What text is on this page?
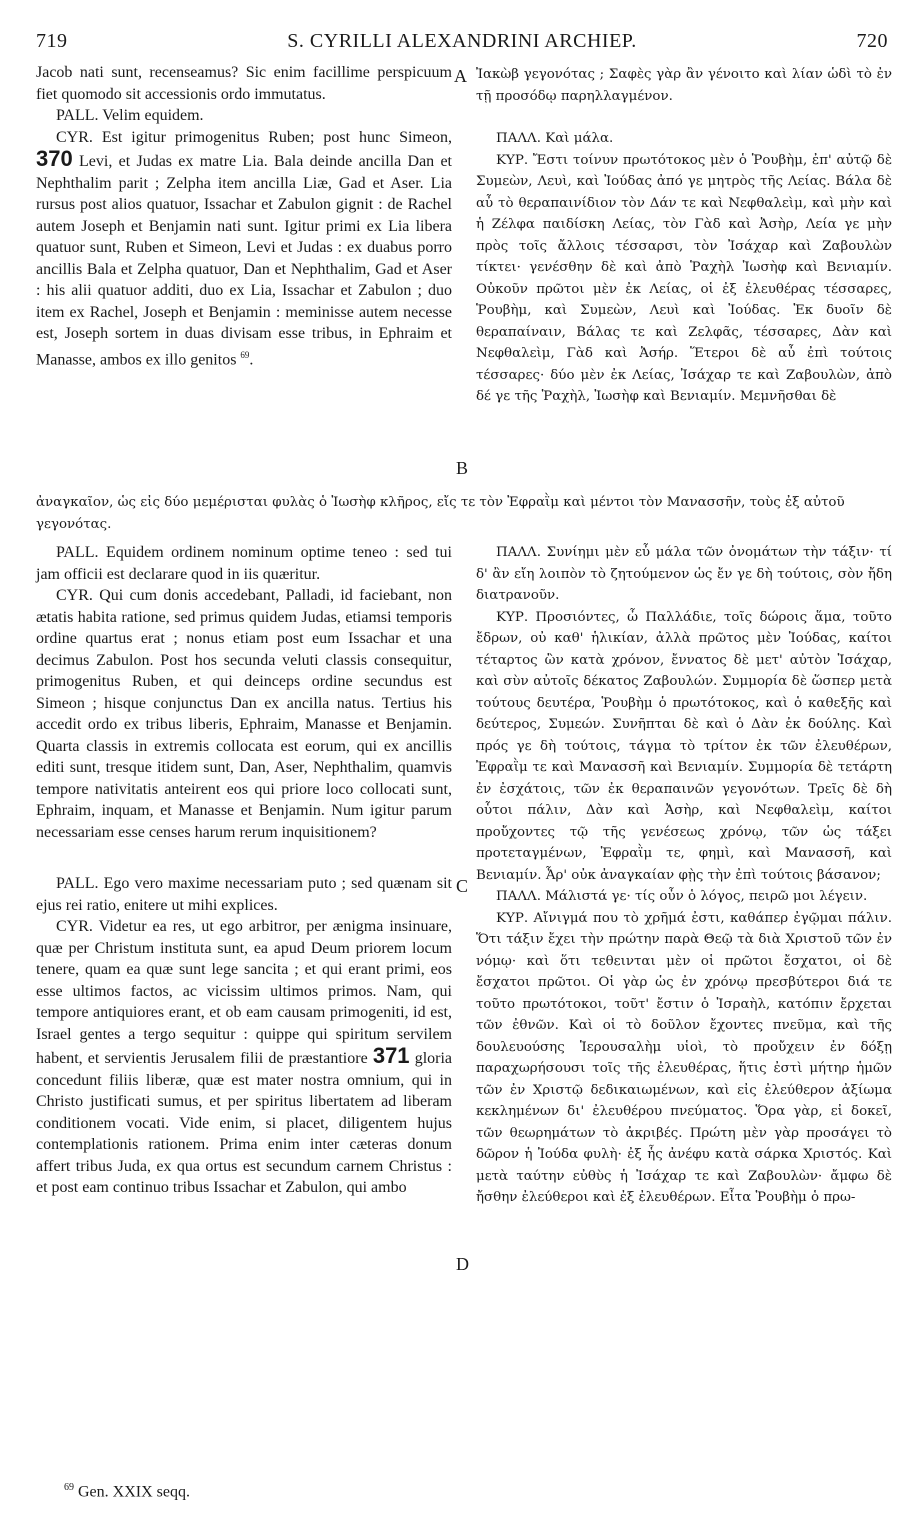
719	S. CYRILLI ALEXANDRINI ARCHIEP.	720

Jacob nati sunt, recenseamus? Sic enim facillime perspicuum fiet quomodo sit accessionis ordo immutatus.

PALL. Velim equidem.

CYR. Est igitur primogenitus Ruben; post hunc Simeon, 370 Levi, et Judas ex matre Lia. Bala deinde ancilla Dan et Nephthalim parit ; Zelpha item ancilla Liæ, Gad et Aser. Lia rursus post alios quatuor, Issachar et Zabulon gignit : de Rachel autem Joseph et Benjamin nati sunt. Igitur primi ex Lia libera quatuor sunt, Ruben et Simeon, Levi et Judas : ex duabus porro ancillis Bala et Zelpha quatuor, Dan et Nephthalim, Gad et Aser : his alii quatuor additi, duo ex Lia, Issachar et Zabulon ; duo item ex Rachel, Joseph et Benjamin : meminisse autem necesse est, Joseph sortem in duas divisam esse tribus, in Ephraim et Manasse, ambos ex illo genitos $^{69}$.

Ἰακὼβ γεγονότας ; Σαφὲς γὰρ ἂν γένοιτο καὶ λίαν ὡδὶ τὸ ἐν τῇ προσόδῳ παρηλλαγμένον.

ΠΑΛΛ. Καὶ μάλα.

ΚΥΡ. Ἔστι τοίνυν πρωτότοκος μὲν ὁ Ῥουβὴμ, ἐπ' αὐτῷ δὲ Συμεὼν, Λευὶ, καὶ Ἰούδας ἀπό γε μητρὸς τῆς Λείας. Βάλα δὲ αὖ τὸ θεραπαινίδιον τὸν Δάν τε καὶ Νεφθαλεὶμ, καὶ μὴν καὶ ἡ Ζέλφα παιδίσκη Λείας, τὸν Γὰδ καὶ Ἀσὴρ, Λεία γε μὴν πρὸς τοῖς ἄλλοις τέσσαρσι, τὸν Ἰσάχαρ καὶ Ζαβουλὼν τίκτει· γενέσθην δὲ καὶ ἀπὸ Ῥαχὴλ Ἰωσὴφ καὶ Βενιαμίν. Οὐκοῦν πρῶτοι μὲν ἐκ Λείας, οἱ ἐξ ἐλευθέρας τέσσαρες, Ῥουβὴμ, καὶ Συμεὼν, Λευὶ καὶ Ἰούδας. Ἐκ δυοῖν δὲ θεραπαίναιν, Βάλας τε καὶ Ζελφᾶς, τέσσαρες, Δὰν καὶ Νεφθαλεὶμ, Γὰδ καὶ Ἀσήρ. Ἕτεροι δὲ αὖ ἐπὶ τούτοις τέσσαρες· δύο μὲν ἐκ Λείας, Ἰσάχαρ τε καὶ Ζαβουλὼν, ἀπὸ δέ γε τῆς Ῥαχὴλ, Ἰωσὴφ καὶ Βενιαμίν. Μεμνῆσθαι δὲ

ἀναγκαῖον, ὡς εἰς δύο μεμέρισται φυλὰς ὁ Ἰωσὴφ κλῆρος, εἴς τε τὸν Ἐφραῒμ καὶ μέντοι τὸν Μανασσῆν, τοὺς ἐξ αὐτοῦ γεγονότας.

PALL. Equidem ordinem nominum optime teneo : sed tui jam officii est declarare quod in iis quæritur.

CYR. Qui cum donis accedebant, Palladi, id faciebant, non ætatis habita ratione, sed primus quidem Judas, etiamsi temporis ordine quartus erat ; nonus etiam post eum Issachar et una decimus Zabulon. Post hos secunda veluti classis consequitur, primogenitus Ruben, et qui deinceps ordine secundus est Simeon ; hisque conjunctus Dan ex ancilla natus. Tertius his accedit ordo ex tribus liberis, Ephraim, Manasse et Benjamin. Quarta classis in extremis collocata est eorum, qui ex ancillis editi sunt, tresque itidem sunt, Dan, Aser, Nephthalim, quamvis tempore nativitatis anteirent eos qui priore loco collocati sunt, Ephraim, inquam, et Manasse et Benjamin. Num igitur parum necessariam esse censes harum rerum inquisitionem?

PALL. Ego vero maxime necessariam puto ; sed quænam sit ejus rei ratio, enitere ut mihi explices.

CYR. Videtur ea res, ut ego arbitror, per ænigma insinuare, quæ per Christum instituta sunt, ea apud Deum priorem locum tenere, quam ea quæ sunt lege sancita ; et qui erant primi, eos esse ultimos factos, ac vicissim ultimos primos. Nam, qui tempore antiquiores erant, et ob eam causam primogeniti, id est, Israel gentes a tergo sequitur : quippe qui spiritum servilem habent, et servientis Jerusalem filii de præstantiore 371 gloria concedunt filiis liberæ, quæ est mater nostra omnium, qui in Christo justificati sumus, et per spiritus libertatem ad liberam conditionem vocati. Vide enim, si placet, diligentem hujus contemplationis rationem. Prima enim inter cæteras donum affert tribus Juda, ex qua ortus est secundum carnem Christus : et post eam continuo tribus Issachar et Zabulon, qui ambo

ΠΑΛΛ. Συνίημι μὲν εὖ μάλα τῶν ὀνομάτων τὴν τάξιν· τί δ' ἂν εἴη λοιπὸν τὸ ζητούμενον ὡς ἔν γε δὴ τούτοις, σὸν ἤδη διατρανοῦν.

ΚΥΡ. Προσιόντες, ὦ Παλλάδιε, τοῖς δώροις ἅμα, τοῦτο ἔδρων, οὐ καθ' ἡλικίαν, ἀλλὰ πρῶτος μὲν Ἰούδας, καίτοι τέταρτος ὢν κατὰ χρόνον, ἔννατος δὲ μετ' αὐτὸν Ἰσάχαρ, καὶ σὺν αὐτοῖς δέκατος Ζαβουλών. Συμμορία δὲ ὥσπερ μετὰ τούτους δευτέρα, Ῥουβὴμ ὁ πρωτότοκος, καὶ ὁ καθεξῆς καὶ δεύτερος, Συμεών. Συνῆπται δὲ καὶ ὁ Δὰν ἐκ δούλης. Καὶ πρός γε δὴ τούτοις, τάγμα τὸ τρίτον ἐκ τῶν ἐλευθέρων, Ἐφραῒμ τε καὶ Μανασσῆ καὶ Βενιαμίν. Συμμορία δὲ τετάρτη ἐν ἐσχάτοις, τῶν ἐκ θεραπαινῶν γεγονότων. Τρεῖς δὲ δὴ οὗτοι πάλιν, Δὰν καὶ Ἀσὴρ, καὶ Νεφθαλεὶμ, καίτοι προὔχοντες τῷ τῆς γενέσεως χρόνῳ, τῶν ὡς τάξει προτεταγμένων, Ἐφραῒμ τε, φημὶ, καὶ Μανασσῆ, καὶ Βενιαμίν. Ἆρ' οὐκ ἀναγκαίαν φῂς τὴν ἐπὶ τούτοις βάσανον;

ΠΑΛΛ. Μάλιστά γε· τίς οὖν ὁ λόγος, πειρῶ μοι λέγειν.

ΚΥΡ. Αἴνιγμά που τὸ χρῆμά ἐστι, καθάπερ ἐγῷμαι πάλιν. Ὅτι τάξιν ἔχει τὴν πρώτην παρὰ Θεῷ τὰ διὰ Χριστοῦ τῶν ἐν νόμῳ· καὶ ὅτι τεθεινται μὲν οἱ πρῶτοι ἔσχατοι, οἱ δὲ ἔσχατοι πρῶτοι. Οἱ γὰρ ὡς ἐν χρόνῳ πρεσβύτεροι διά τε τοῦτο πρωτότοκοι, τοῦτ' ἔστιν ὁ Ἰσραὴλ, κατόπιν ἔρχεται τῶν ἐθνῶν. Καὶ οἱ τὸ δοῦλον ἔχοντες πνεῦμα, καὶ τῆς δουλευούσης Ἱερουσαλὴμ υἱοὶ, τὸ προὔχειν ἐν δόξῃ παραχωρήσουσι τοῖς τῆς ἐλευθέρας, ἥτις ἐστὶ μήτηρ ἡμῶν τῶν ἐν Χριστῷ δεδικαιωμένων, καὶ εἰς ἐλεύθερον ἀξίωμα κεκλημένων δι' ἐλευθέρου πνεύματος. Ὅρα γὰρ, εἰ δοκεῖ, τῶν θεωρημάτων τὸ ἀκριβές. Πρώτη μὲν γὰρ προσάγει τὸ δῶρον ἡ Ἰούδα φυλὴ· ἐξ ἧς ἀνέφυ κατὰ σάρκα Χριστός. Καὶ μετὰ ταύτην εὐθὺς ἡ Ἰσάχαρ τε καὶ Ζαβουλὼν· ἄμφω δὲ ἤσθην ἐλεύθεροι καὶ ἐξ ἐλευθέρων. Εἶτα Ῥουβὴμ ὁ πρω-

A
B
C
D
$^{69}$ Gen. XXIX seqq.
